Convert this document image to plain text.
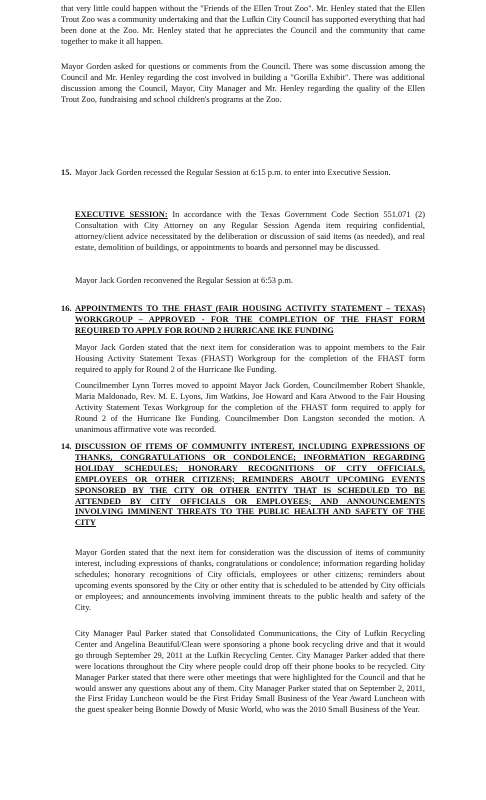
that very little could happen without the "Friends of the Ellen Trout Zoo". Mr. Henley stated that the Ellen Trout Zoo was a community undertaking and that the Lufkin City Council has supported everything that had been done at the Zoo. Mr. Henley stated that he appreciates the Council and the community that came together to make it all happen.

Mayor Gorden asked for questions or comments from the Council. There was some discussion among the Council and Mr. Henley regarding the cost involved in building a "Gorilla Exhibit". There was additional discussion among the Council, Mayor, City Manager and Mr. Henley regarding the quality of the Ellen Trout Zoo, fundraising and school children's programs at the Zoo.

15. Mayor Jack Gorden recessed the Regular Session at 6:15 p.m. to enter into Executive Session.

EXECUTIVE SESSION: In accordance with the Texas Government Code Section 551.071 (2) Consultation with City Attorney on any Regular Session Agenda item requiring confidential, attorney/client advice necessitated by the deliberation or discussion of said items (as needed), and real estate, demolition of buildings, or appointments to boards and personnel may be discussed.

Mayor Jack Gorden reconvened the Regular Session at 6:53 p.m.

16. APPOINTMENTS TO THE FHAST (FAIR HOUSING ACTIVITY STATEMENT – TEXAS) WORKGROUP – APPROVED - FOR THE COMPLETION OF THE FHAST FORM REQUIRED TO APPLY FOR ROUND 2 HURRICANE IKE FUNDING

Mayor Jack Gorden stated that the next item for consideration was to appoint members to the Fair Housing Activity Statement Texas (FHAST) Workgroup for the completion of the FHAST form required to apply for Round 2 of the Hurricane Ike Funding.

Councilmember Lynn Torres moved to appoint Mayor Jack Gorden, Councilmember Robert Shankle, Maria Maldonado, Rev. M. E. Lyons, Jim Watkins, Joe Howard and Kara Atwood to the Fair Housing Activity Statement Texas Workgroup for the completion of the FHAST form required to apply for Round 2 of the Hurricane Ike Funding. Councilmember Don Langston seconded the motion. A unanimous affirmative vote was recorded.

14. DISCUSSION OF ITEMS OF COMMUNITY INTEREST, INCLUDING EXPRESSIONS OF THANKS, CONGRATULATIONS OR CONDOLENCE; INFORMATION REGARDING HOLIDAY SCHEDULES; HONORARY RECOGNITIONS OF CITY OFFICIALS, EMPLOYEES OR OTHER CITIZENS; REMINDERS ABOUT UPCOMING EVENTS SPONSORED BY THE CITY OR OTHER ENTITY THAT IS SCHEDULED TO BE ATTENDED BY CITY OFFICIALS OR EMPLOYEES; AND ANNOUNCEMENTS INVOLVING IMMINENT THREATS TO THE PUBLIC HEALTH AND SAFETY OF THE CITY

Mayor Gorden stated that the next item for consideration was the discussion of items of community interest, including expressions of thanks, congratulations or condolence; information regarding holiday schedules; honorary recognitions of City officials, employees or other citizens; reminders about upcoming events sponsored by the City or other entity that is scheduled to be attended by City officials or employees; and announcements involving imminent threats to the public health and safety of the City.

City Manager Paul Parker stated that Consolidated Communications, the City of Lufkin Recycling Center and Angelina Beautiful/Clean were sponsoring a phone book recycling drive and that it would go through September 29, 2011 at the Lufkin Recycling Center. City Manager Parker added that there were locations throughout the City where people could drop off their phone books to be recycled. City Manager Parker stated that there were other meetings that were highlighted for the Council and that he would answer any questions about any of them. City Manager Parker stated that on September 2, 2011, the First Friday Luncheon would be the First Friday Small Business of the Year Award Luncheon with the guest speaker being Bonnie Dowdy of Music World, who was the 2010 Small Business of the Year.
